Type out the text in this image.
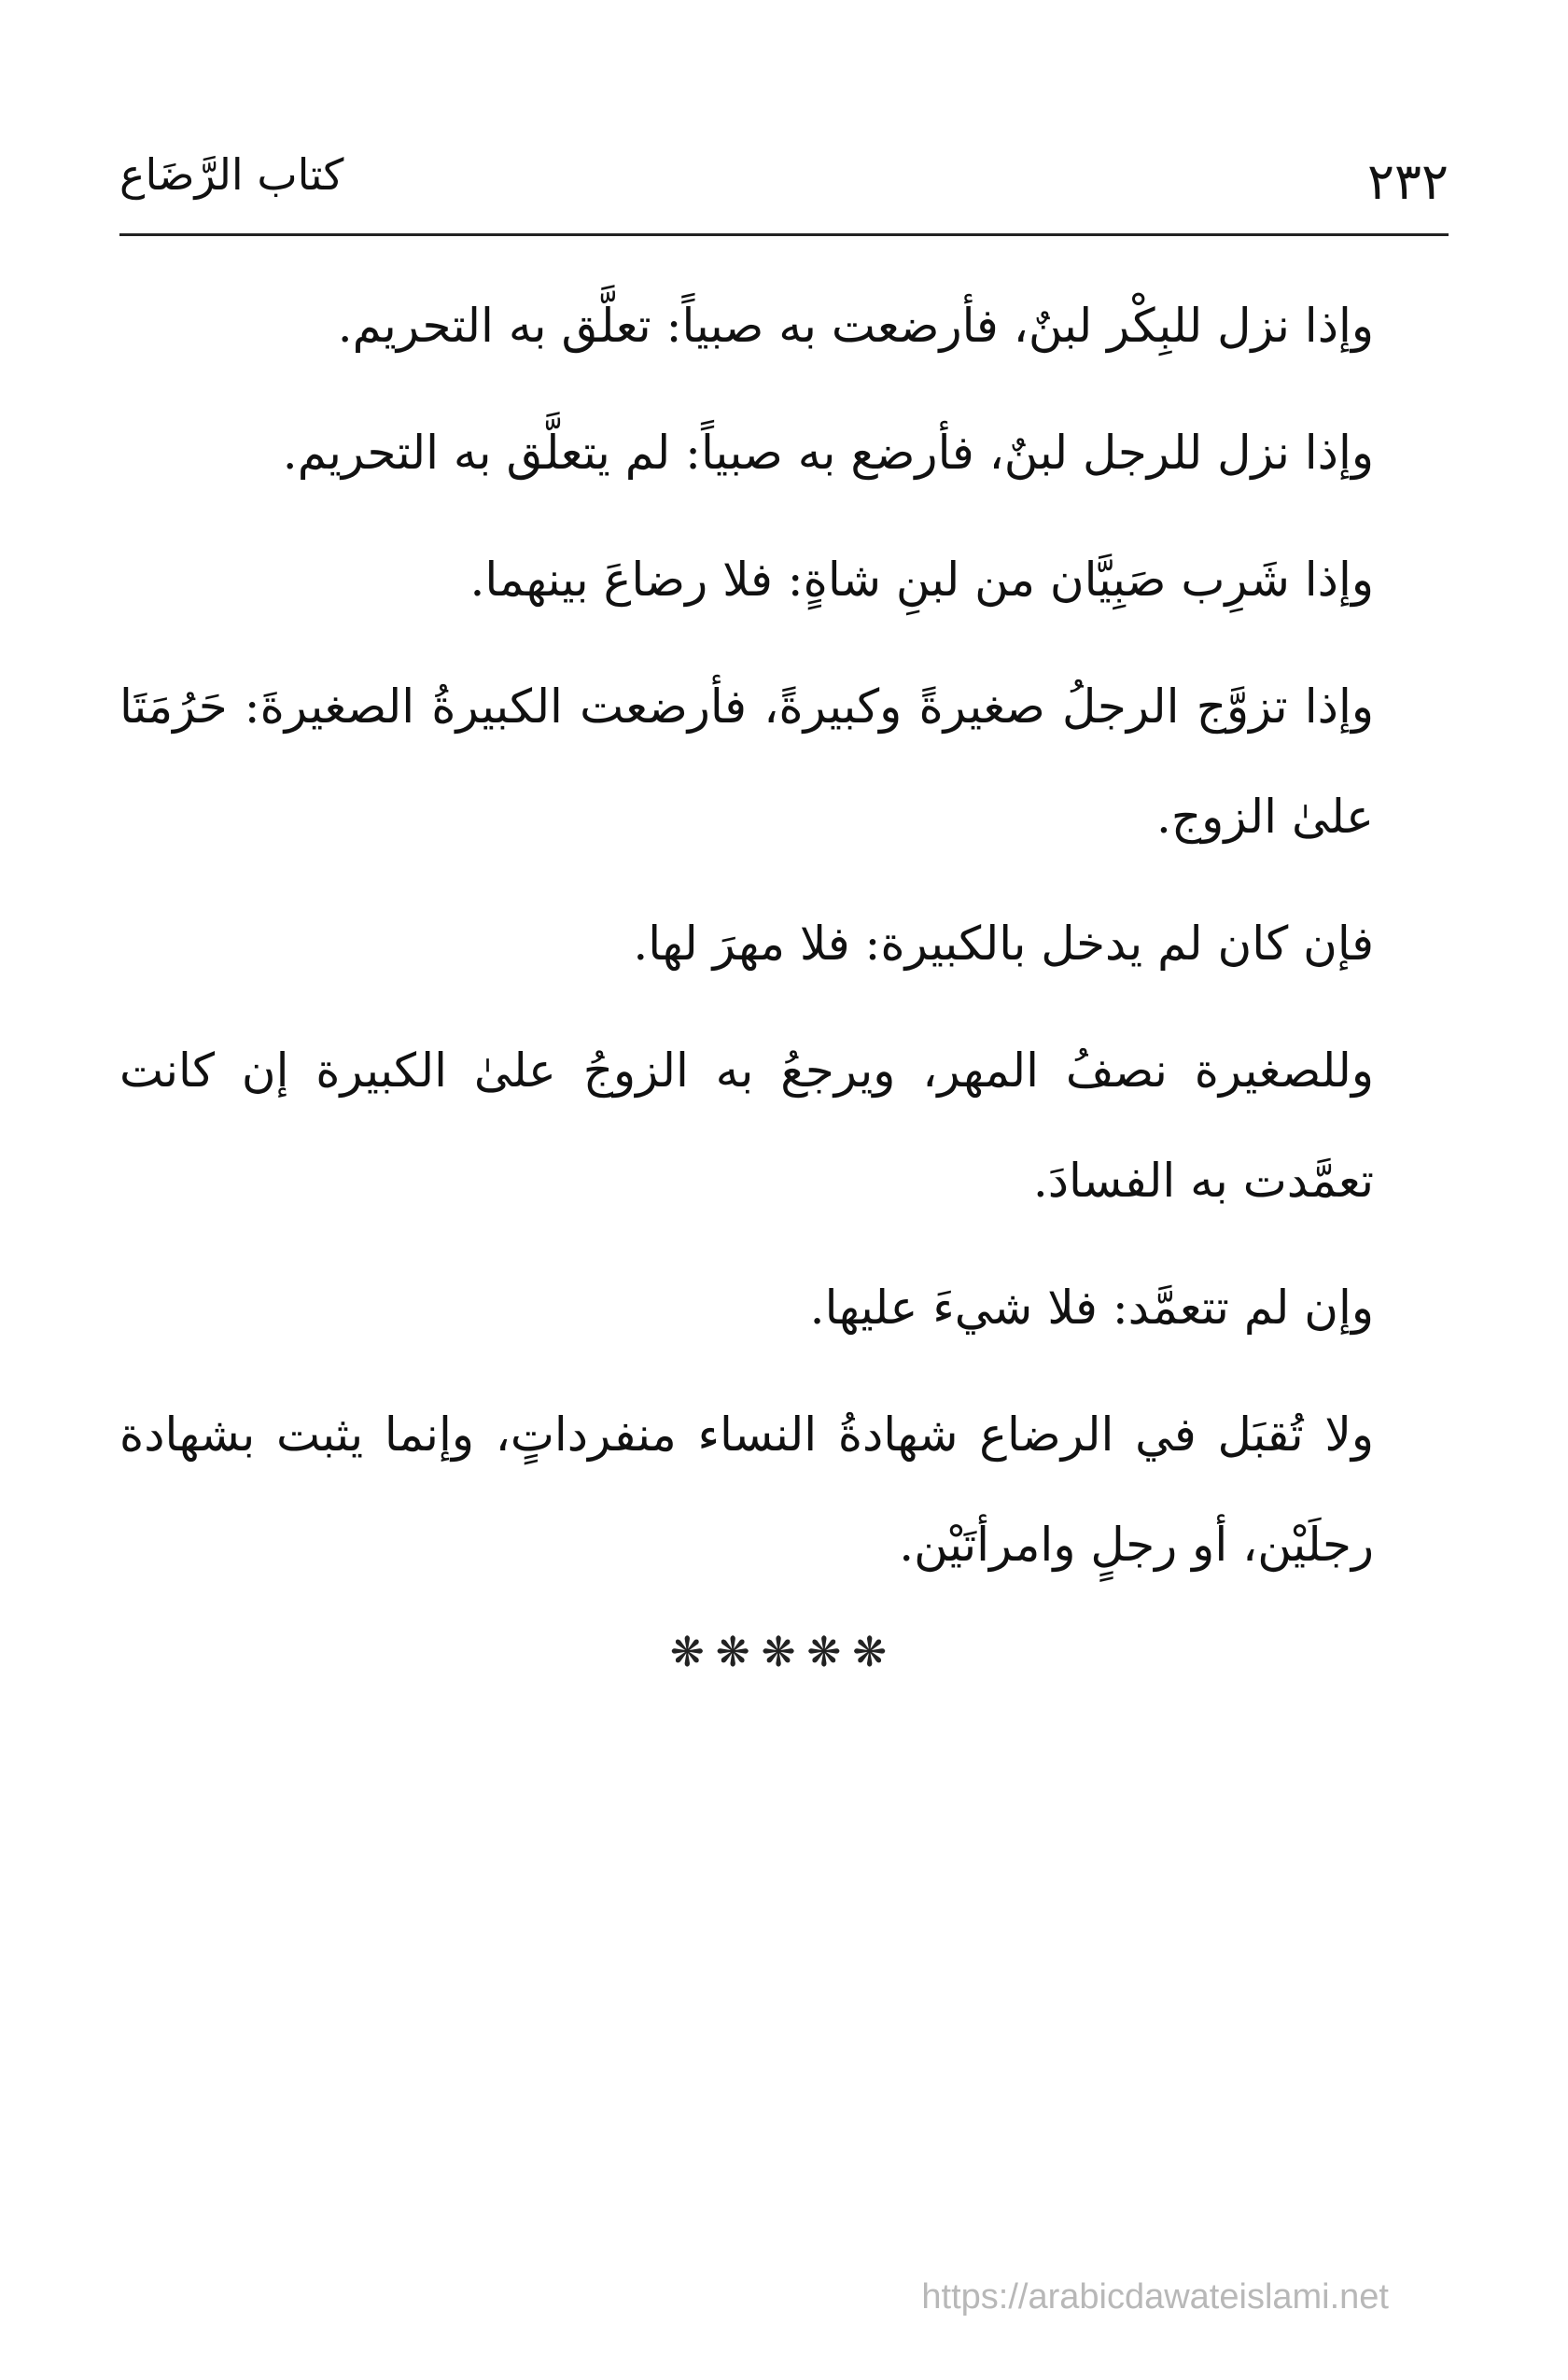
٢٣٢
كتاب الرَّضَاع

وإذا نزل للبِكْر لبنٌ، فأرضعت به صبياً: تعلَّق به التحريم.

وإذا نزل للرجل لبنٌ، فأرضع به صبياً: لم يتعلَّق به التحريم.

وإذا شَرِب صَبِيَّان من لبنِ شاةٍ: فلا رضاعَ بينهما.

وإذا تزوَّج الرجلُ صغيرةً وكبيرةً، فأرضعت الكبيرةُ الصغيرةَ: حَرُمَتَا علىٰ الزوج.

فإن كان لم يدخل بالكبيرة: فلا مهرَ لها.

وللصغيرة نصفُ المهر، ويرجعُ به الزوجُ علىٰ الكبيرة إن كانت تعمَّدت به الفسادَ.

وإن لم تتعمَّد: فلا شيءَ عليها.

ولا تُقبَل في الرضاع شهادةُ النساء منفرداتٍ، وإنما يثبت بشهادة رجلَيْن، أو رجلٍ وامرأتَيْن.

❋❋❋❋❋
https://arabicdawateislami.net
